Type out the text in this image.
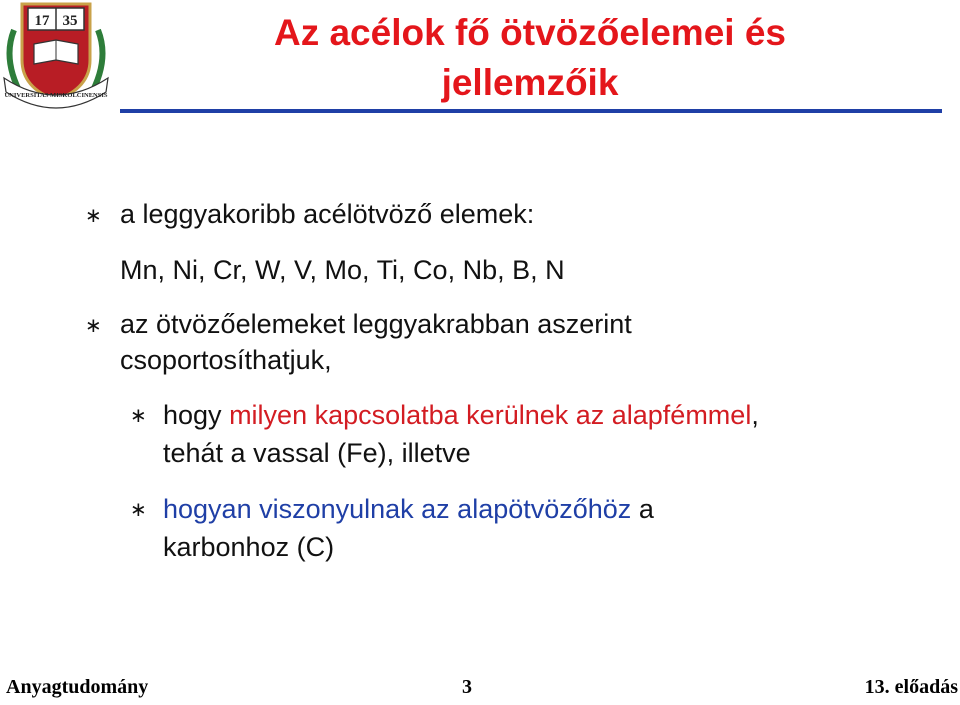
17 35
UNIVERSITAS MISKOLCINENSIS
Az acélok fő ötvözőelemei és
jellemzőik
∗ a leggyakoribb acélötvöző elemek:
Mn, Ni, Cr, W, V, Mo, Ti, Co, Nb, B, N
∗ az ötvözőelemeket leggyakrabban aszerint
csoportosíthatjuk,
∗ hogy milyen kapcsolatba kerülnek az alapfémmel,
tehát a vassal (Fe), illetve
∗ hogyan viszonyulnak az alapötvözőhöz a
karbonhoz (C)
Anyagtudomány	3	13. előadás
